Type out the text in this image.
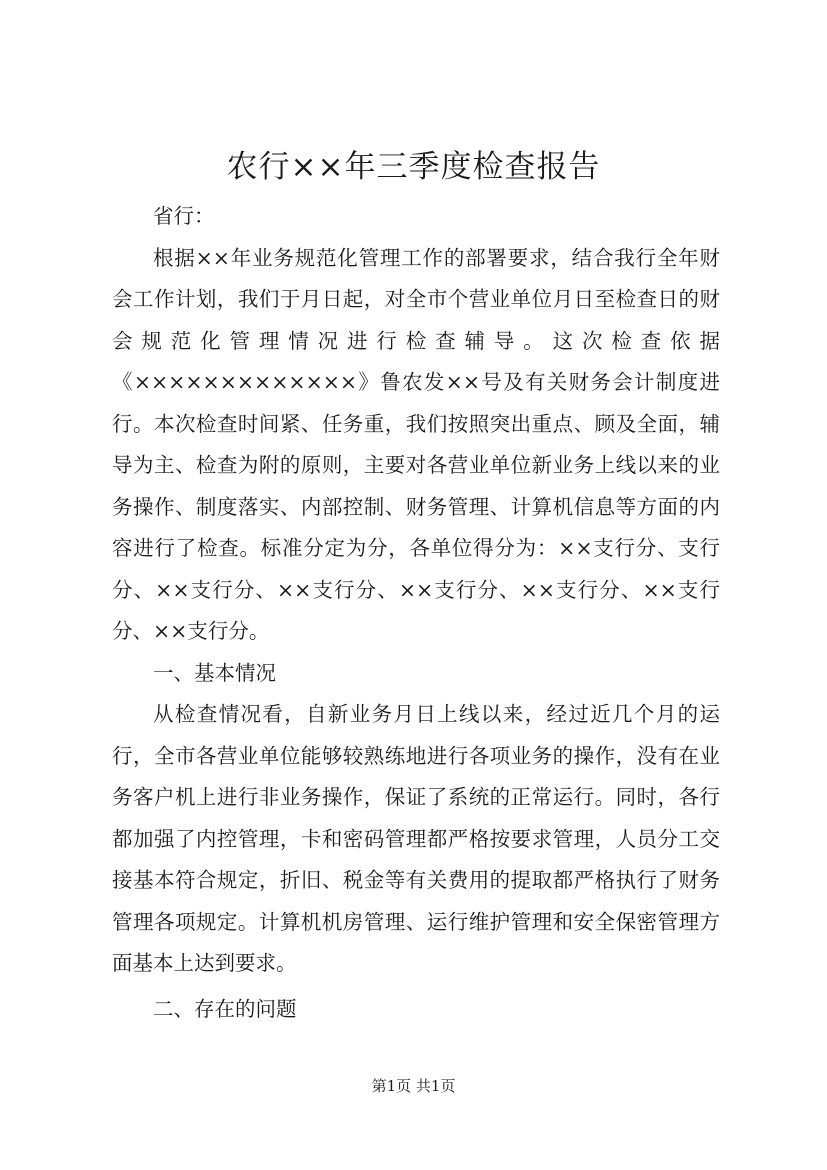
农行××年三季度检查报告

省行：

根据××年业务规范化管理工作的部署要求，结合我行全年财会工作计划，我们于月日起，对全市个营业单位月日至检查日的财会规范化管理情况进行检查辅导。这次检查依据《×××××××××××××》鲁农发××号及有关财务会计制度进行。本次检查时间紧、任务重，我们按照突出重点、顾及全面，辅导为主、检查为附的原则，主要对各营业单位新业务上线以来的业务操作、制度落实、内部控制、财务管理、计算机信息等方面的内容进行了检查。标准分定为分，各单位得分为：××支行分、支行分、××支行分、××支行分、××支行分、××支行分、××支行分、××支行分。

一、基本情况

从检查情况看，自新业务月日上线以来，经过近几个月的运行，全市各营业单位能够较熟练地进行各项业务的操作，没有在业务客户机上进行非业务操作，保证了系统的正常运行。同时，各行都加强了内控管理，卡和密码管理都严格按要求管理，人员分工交接基本符合规定，折旧、税金等有关费用的提取都严格执行了财务管理各项规定。计算机机房管理、运行维护管理和安全保密管理方面基本上达到要求。

二、存在的问题

第1页 共1页
